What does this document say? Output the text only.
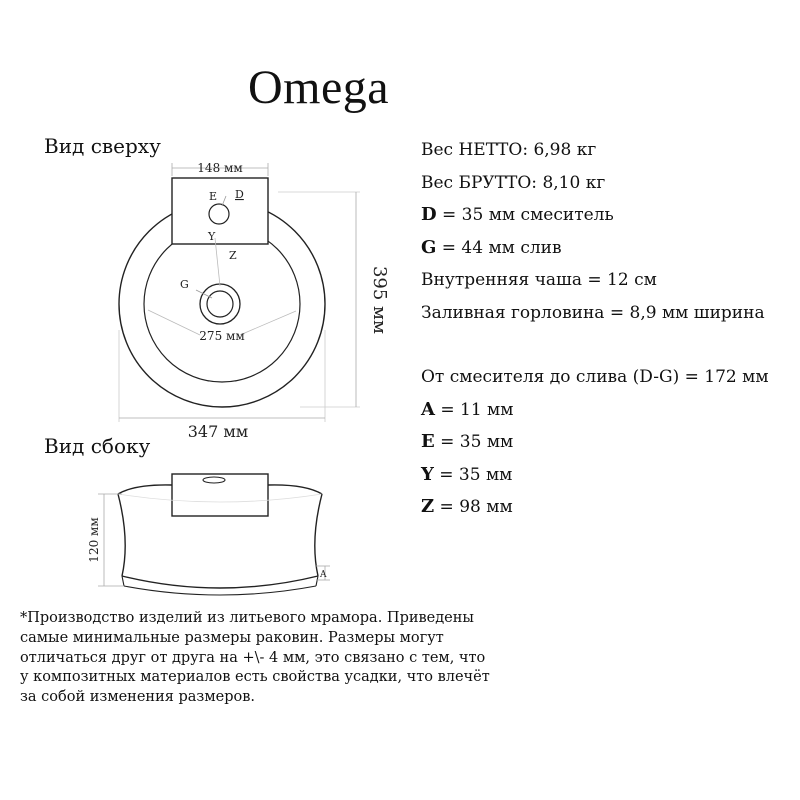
Omega
Вид сверху
Вид сбоку
148 мм
395 мм
347 мм
275 мм
E D
Y
Z
G
120 мм
A
Вес НЕТТО: 6,98 кг
Вес БРУТТО: 8,10 кг
D = 35 мм смеситель
G = 44 мм слив
Внутренняя чаша = 12 см
Заливная горловина = 8,9 мм ширина
От смесителя до слива (D-G) = 172 мм
A = 11 мм
E = 35 мм
Y = 35 мм
Z = 98 мм
*Производство изделий из литьевого мрамора. Приведены самые минимальные размеры раковин. Размеры могут отличаться друг от друга на +\- 4 мм, это связано с тем, что у композитных материалов есть свойства усадки, что влечёт за собой изменения размеров.
